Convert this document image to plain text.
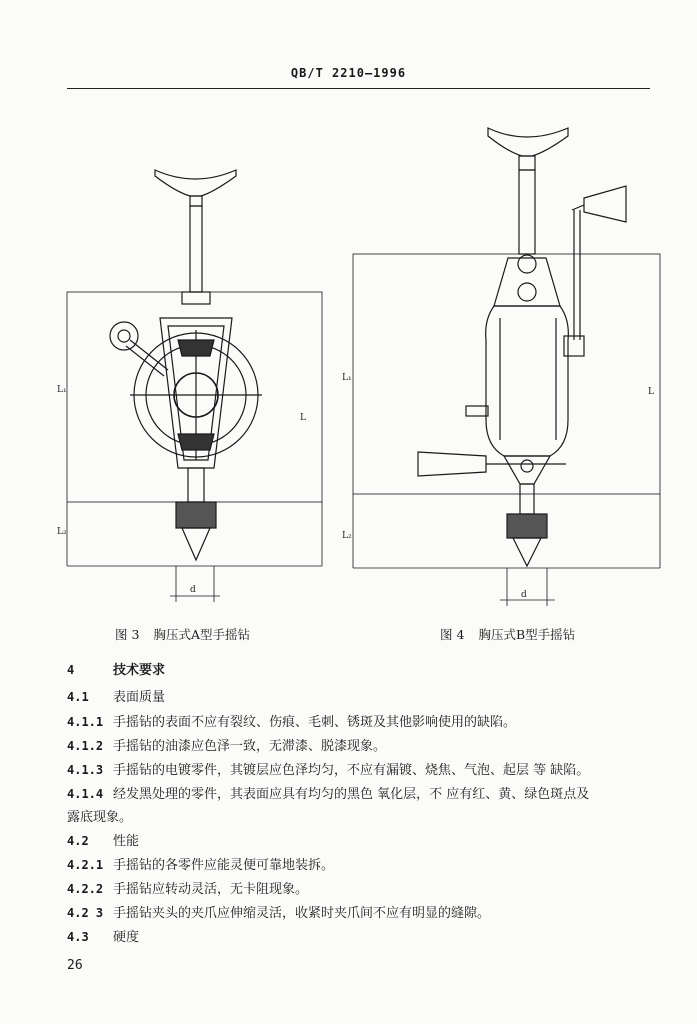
QB/T 2210—1996
L₁
L
L₂
d
L₁
L
L₂
d
图 3 胸压式A型手摇钻	图 4 胸压式B型手摇钻
4	技术要求
4.1 表面质量
4.1.1 手摇钻的表面不应有裂纹、伤痕、毛刺、锈斑及其他影响使用的缺陷。
4.1.2 手摇钻的油漆应色泽一致，无滞漆、脱漆现象。
4.1.3 手摇钻的电镀零件，其镀层应色泽均匀，不应有漏镀、烧焦、气泡、起层 等 缺陷。
4.1.4 经发黑处理的零件，其表面应具有均匀的黑色 氧化层，不 应有红、黄、绿色斑点及
露底现象。
4.2 性能
4.2.1 手摇钻的各零件应能灵便可靠地装拆。
4.2.2 手摇钻应转动灵活，无卡阻现象。
4.2 3 手摇钻夹头的夹爪应伸缩灵活，收紧时夹爪间不应有明显的缝隙。
4.3 硬度
26
